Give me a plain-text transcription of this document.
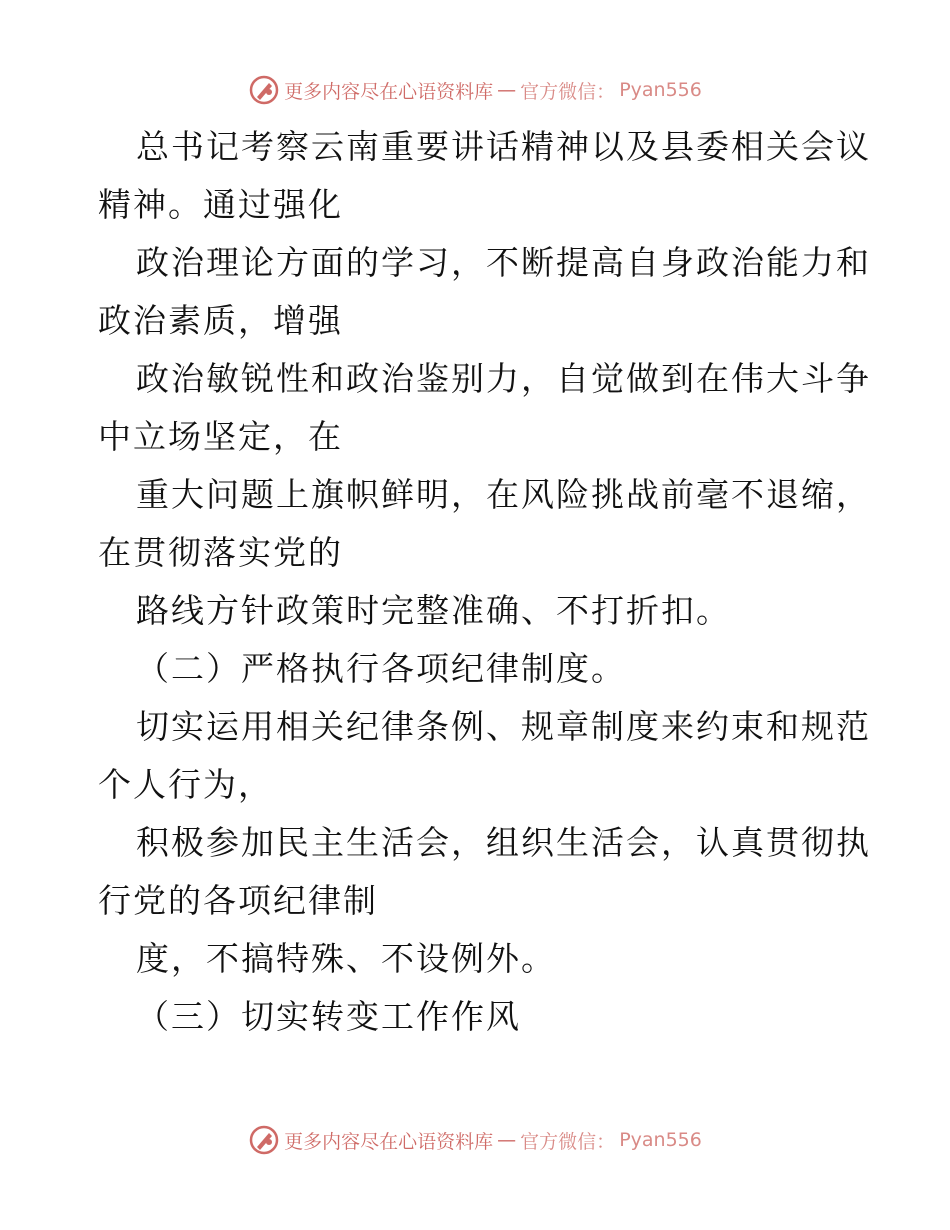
更多内容尽在心语资料库 — 官方微信： Pyan556
总书记考察云南重要讲话精神以及县委相关会议
精神。通过强化
政治理论方面的学习，不断提高自身政治能力和
政治素质，增强
政治敏锐性和政治鉴别力，自觉做到在伟大斗争
中立场坚定，在
重大问题上旗帜鲜明，在风险挑战前毫不退缩，
在贯彻落实党的
路线方针政策时完整准确、不打折扣。
（二）严格执行各项纪律制度。
切实运用相关纪律条例、规章制度来约束和规范
个人行为，
积极参加民主生活会，组织生活会，认真贯彻执
行党的各项纪律制
度，不搞特殊、不设例外。
（三）切实转变工作作风
更多内容尽在心语资料库 — 官方微信： Pyan556
